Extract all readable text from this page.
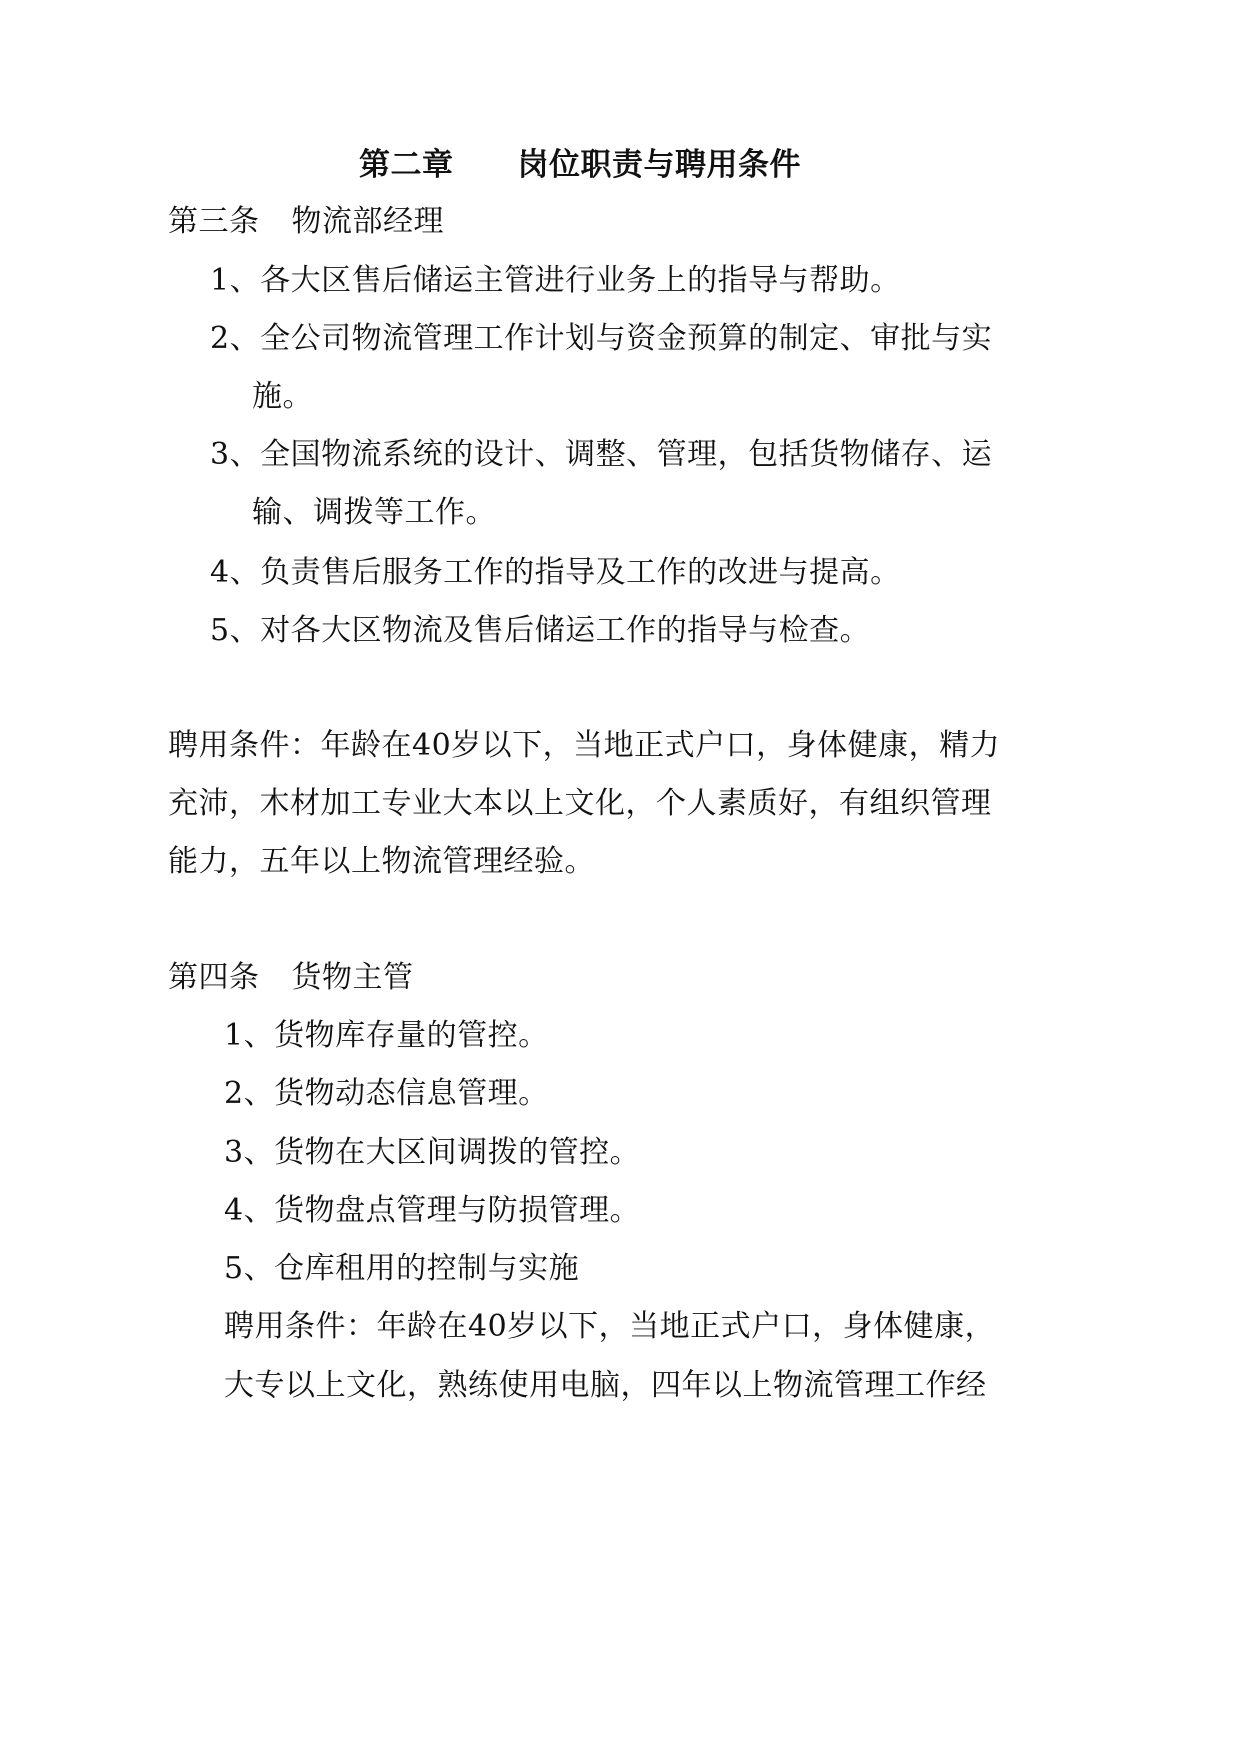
第二章 岗位职责与聘用条件
第三条 物流部经理
1、各大区售后储运主管进行业务上的指导与帮助。
2、全公司物流管理工作计划与资金预算的制定、审批与实
施。
3、全国物流系统的设计、调整、管理，包括货物储存、运
输、调拨等工作。
4、负责售后服务工作的指导及工作的改进与提高。
5、对各大区物流及售后储运工作的指导与检查。
聘用条件：年龄在40岁以下，当地正式户口，身体健康，精力
充沛，木材加工专业大本以上文化，个人素质好，有组织管理
能力，五年以上物流管理经验。
第四条 货物主管
1、货物库存量的管控。
2、货物动态信息管理。
3、货物在大区间调拨的管控。
4、货物盘点管理与防损管理。
5、仓库租用的控制与实施
聘用条件：年龄在40岁以下，当地正式户口，身体健康，
大专以上文化，熟练使用电脑，四年以上物流管理工作经
